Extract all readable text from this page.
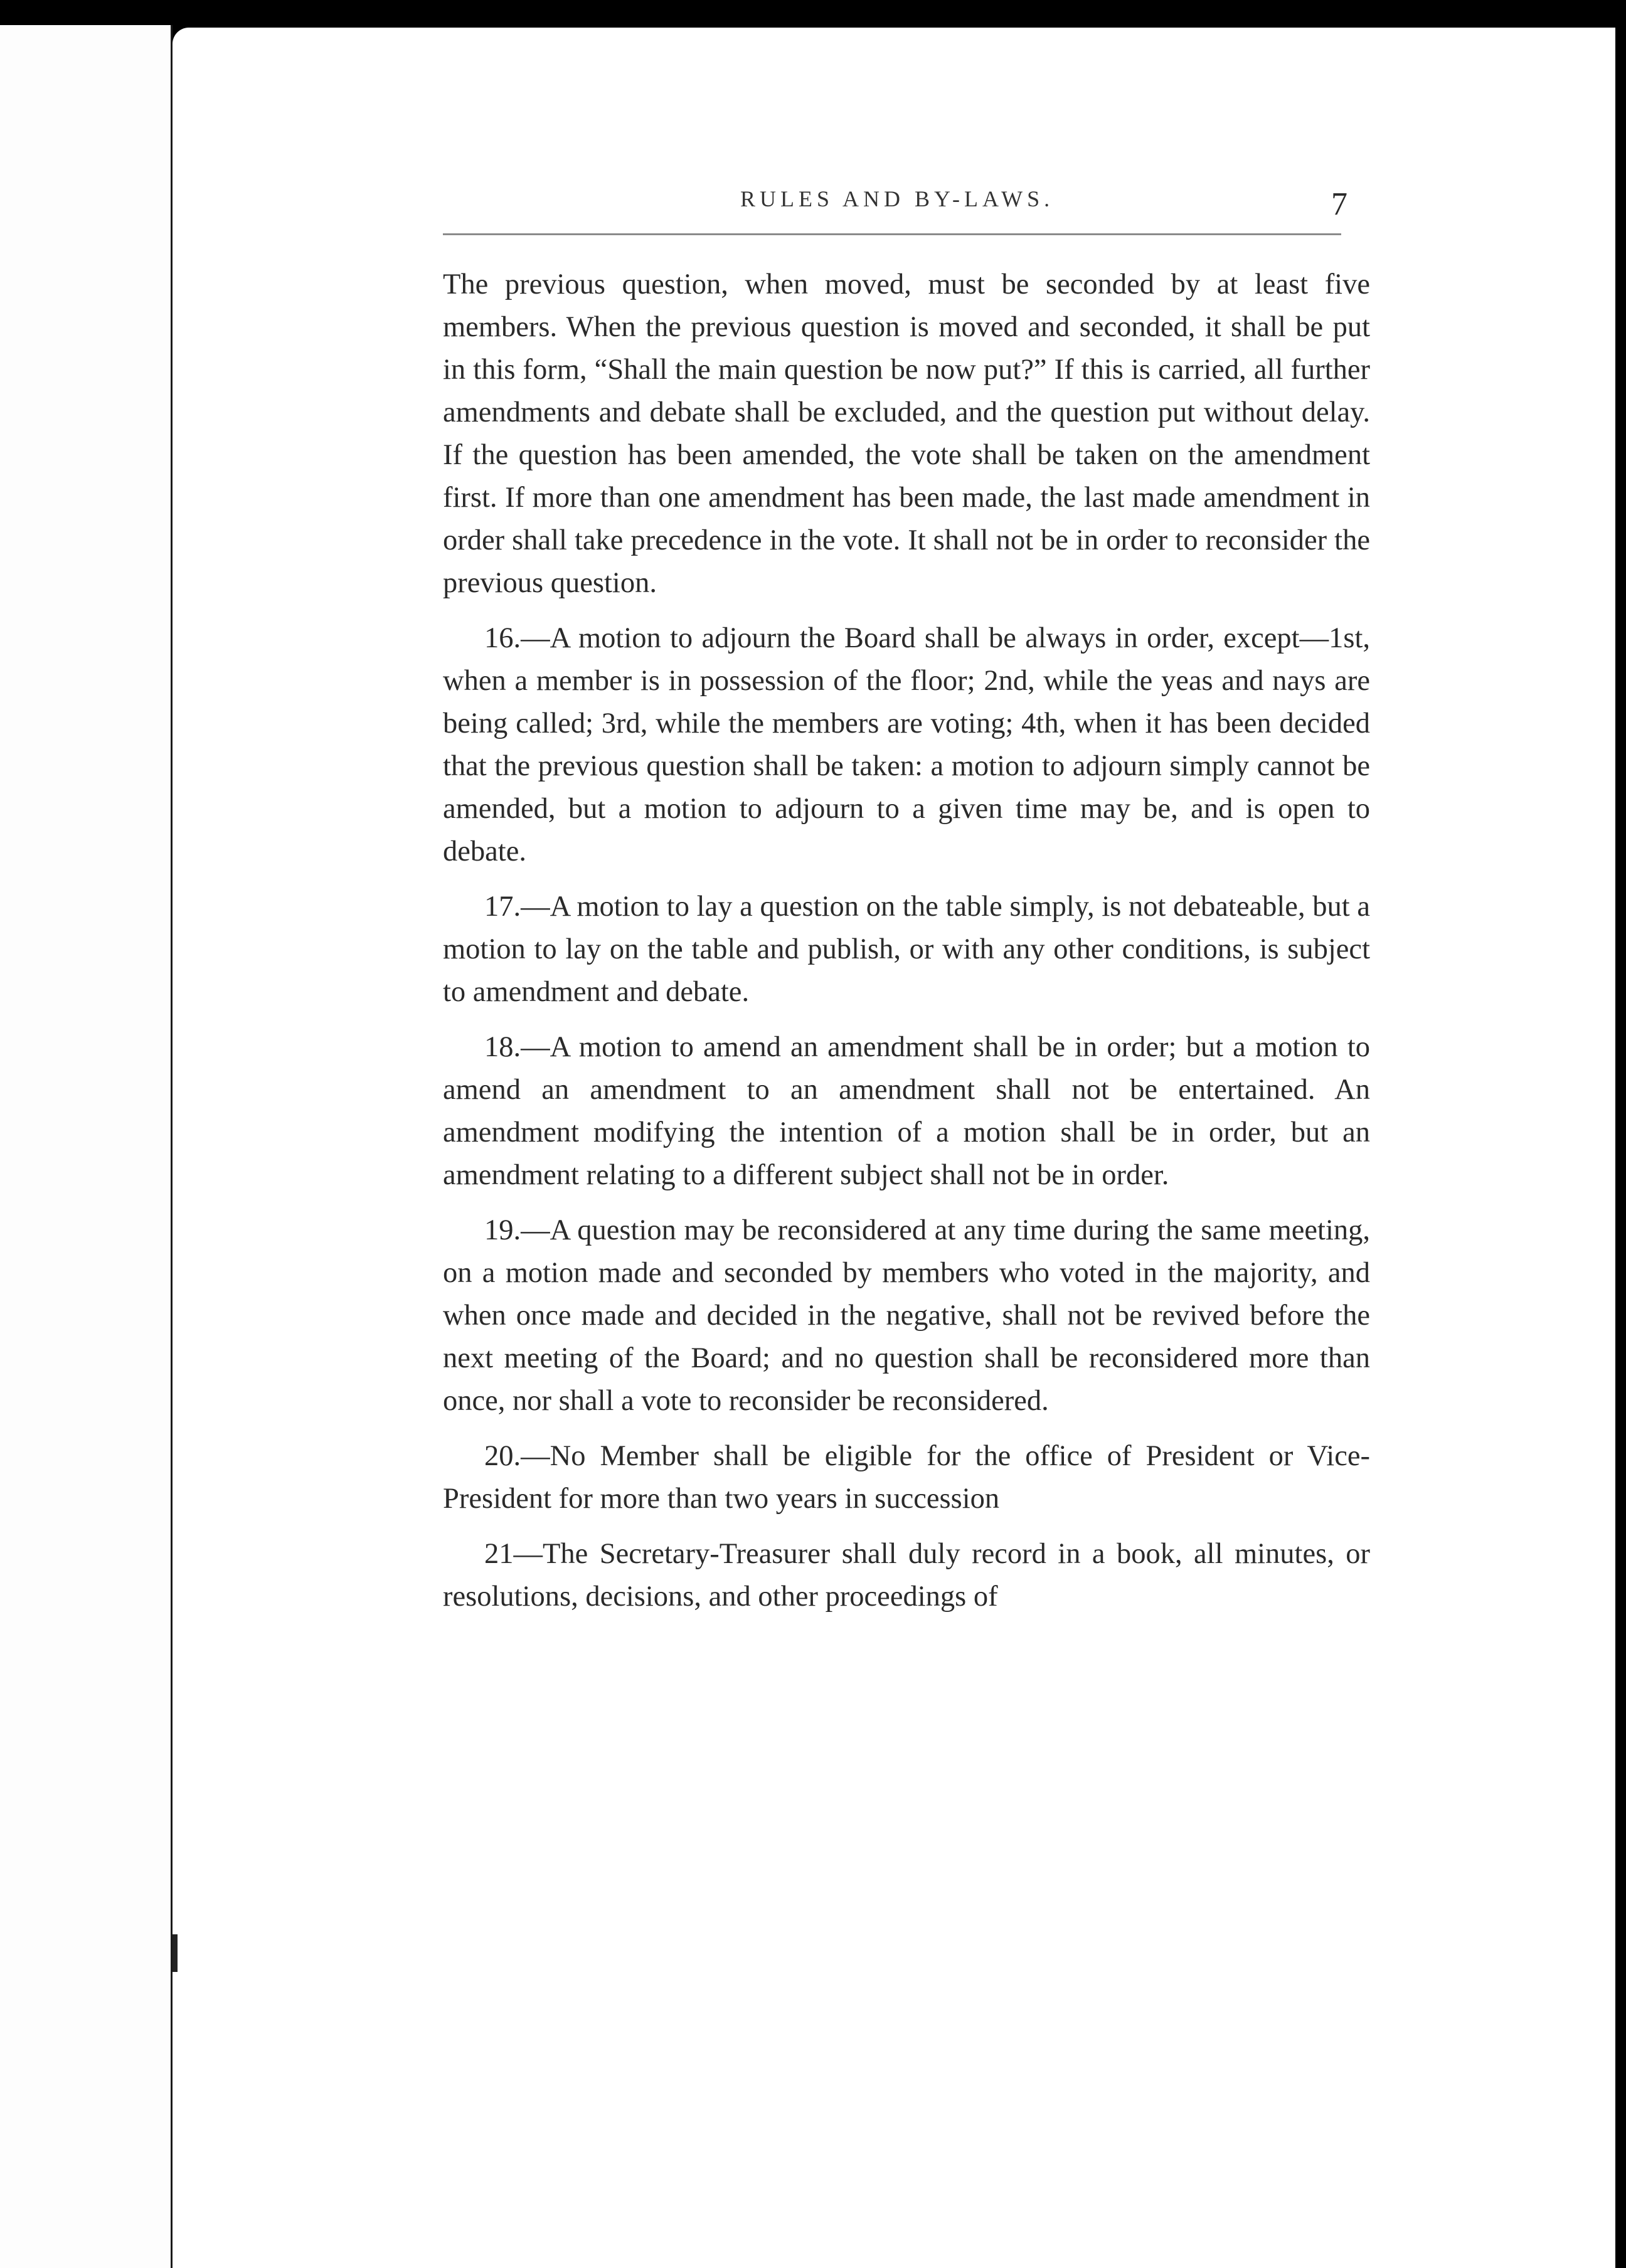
RULES AND BY-LAWS.	7

The previous question, when moved, must be seconded by at least five members. When the previous question is moved and seconded, it shall be put in this form, “Shall the main question be now put?” If this is carried, all further amendments and debate shall be excluded, and the question put without delay. If the question has been amended, the vote shall be taken on the amendment first. If more than one amendment has been made, the last made amendment in order shall take precedence in the vote. It shall not be in order to reconsider the previous question.

16.—A motion to adjourn the Board shall be always in order, except—1st, when a member is in possession of the floor; 2nd, while the yeas and nays are being called; 3rd, while the members are voting; 4th, when it has been decided that the previous question shall be taken: a motion to adjourn simply cannot be amended, but a motion to adjourn to a given time may be, and is open to debate.

17.—A motion to lay a question on the table simply, is not debateable, but a motion to lay on the table and publish, or with any other conditions, is subject to amendment and debate.

18.—A motion to amend an amendment shall be in order; but a motion to amend an amendment to an amendment shall not be entertained. An amendment modifying the intention of a motion shall be in order, but an amendment relating to a different subject shall not be in order.

19.—A question may be reconsidered at any time during the same meeting, on a motion made and seconded by members who voted in the majority, and when once made and decided in the negative, shall not be revived before the next meeting of the Board; and no question shall be reconsidered more than once, nor shall a vote to reconsider be reconsidered.

20.—No Member shall be eligible for the office of President or Vice-President for more than two years in succession

21—The Secretary-Treasurer shall duly record in a book, all minutes, or resolutions, decisions, and other proceedings of
